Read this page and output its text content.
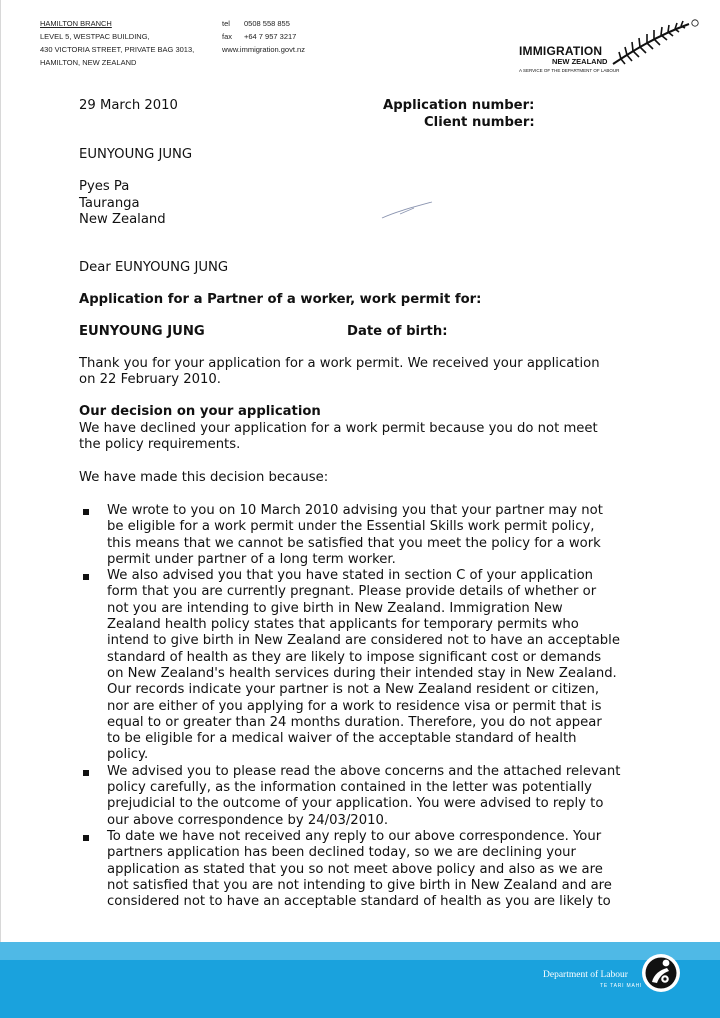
HAMILTON BRANCH
LEVEL 5, WESTPAC BUILDING,
430 VICTORIA STREET, PRIVATE BAG 3013,
HAMILTON, NEW ZEALAND
tel 0508 558 855
fax +64 7 957 3217
www.immigration.govt.nz	IMMIGRATION
NEW ZEALAND
A SERVICE OF THE DEPARTMENT OF LABOUR
29 March 2010	Application number:
Client number:
EUNYOUNG JUNG
Pyes Pa
Tauranga
New Zealand
Dear EUNYOUNG JUNG
Application for a Partner of a worker, work permit for:
EUNYOUNG JUNG	Date of birth:
Thank you for your application for a work permit. We received your application
on 22 February 2010.
Our decision on your application
We have declined your application for a work permit because you do not meet
the policy requirements.
We have made this decision because:
We wrote to you on 10 March 2010 advising you that your partner may not
be eligible for a work permit under the Essential Skills work permit policy,
this means that we cannot be satisfied that you meet the policy for a work
permit under partner of a long term worker.
We also advised you that you have stated in section C of your application
form that you are currently pregnant. Please provide details of whether or
not you are intending to give birth in New Zealand. Immigration New
Zealand health policy states that applicants for temporary permits who
intend to give birth in New Zealand are considered not to have an acceptable
standard of health as they are likely to impose significant cost or demands
on New Zealand's health services during their intended stay in New Zealand.
Our records indicate your partner is not a New Zealand resident or citizen,
nor are either of you applying for a work to residence visa or permit that is
equal to or greater than 24 months duration. Therefore, you do not appear
to be eligible for a medical waiver of the acceptable standard of health
policy.
We advised you to please read the above concerns and the attached relevant
policy carefully, as the information contained in the letter was potentially
prejudicial to the outcome of your application. You were advised to reply to
our above correspondence by 24/03/2010.
To date we have not received any reply to our above correspondence. Your
partners application has been declined today, so we are declining your
application as stated that you so not meet above policy and also as we are
not satisfied that you are not intending to give birth in New Zealand and are
considered not to have an acceptable standard of health as you are likely to
Department of Labour
TE TARI MAHI
